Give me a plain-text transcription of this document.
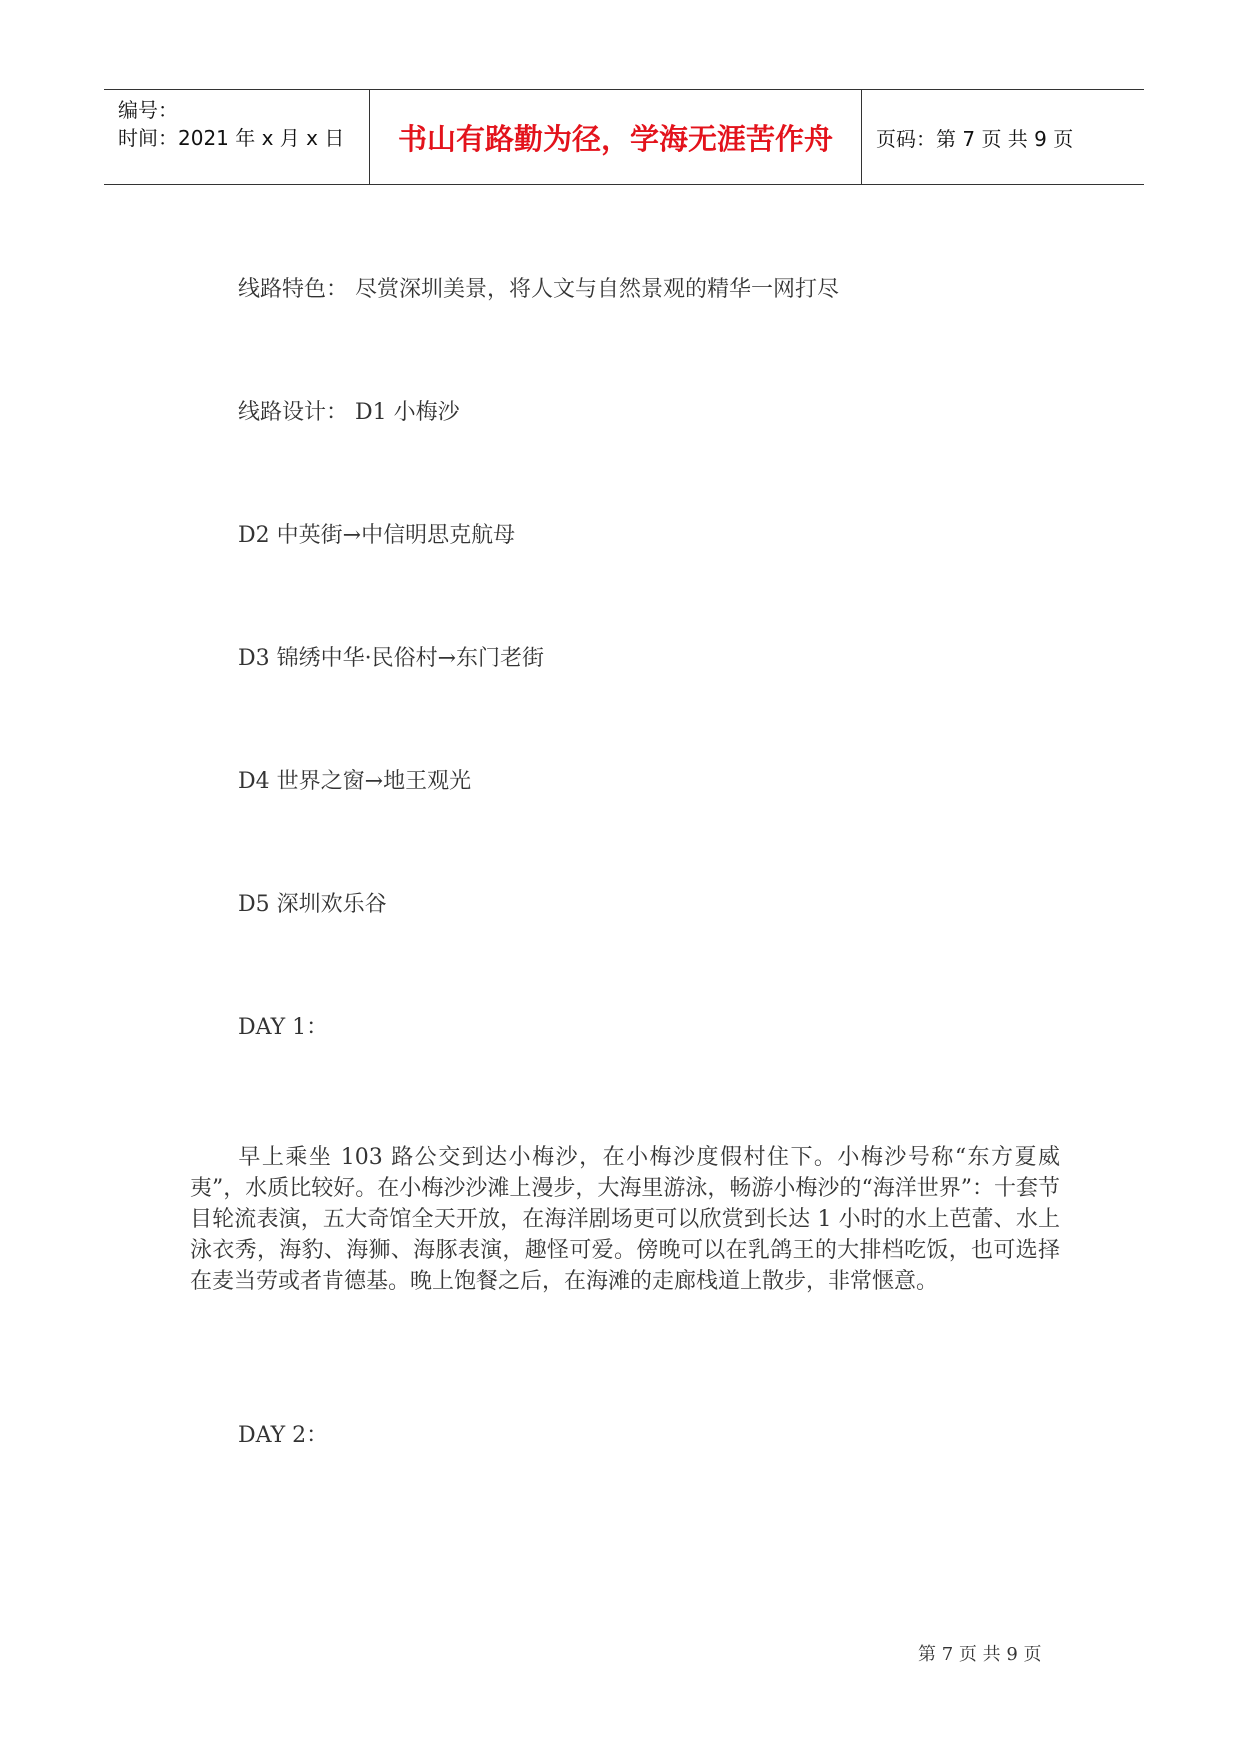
编号：
时间：2021 年 x 月 x 日	书山有路勤为径，学海无涯苦作舟	页码：第 7 页 共 9 页
线路特色： 尽赏深圳美景，将人文与自然景观的精华一网打尽
线路设计： D1 小梅沙
D2 中英街→中信明思克航母
D3 锦绣中华·民俗村→东门老街
D4 世界之窗→地王观光
D5 深圳欢乐谷
DAY 1：
早上乘坐 103 路公交到达小梅沙，在小梅沙度假村住下。小梅沙号称“东方夏威夷”，水质比较好。在小梅沙沙滩上漫步，大海里游泳，畅游小梅沙的“海洋世界”：十套节目轮流表演，五大奇馆全天开放，在海洋剧场更可以欣赏到长达 1 小时的水上芭蕾、水上泳衣秀，海豹、海狮、海豚表演，趣怪可爱。傍晚可以在乳鸽王的大排档吃饭，也可选择在麦当劳或者肯德基。晚上饱餐之后，在海滩的走廊栈道上散步，非常惬意。
DAY 2：
第 7 页 共 9 页
